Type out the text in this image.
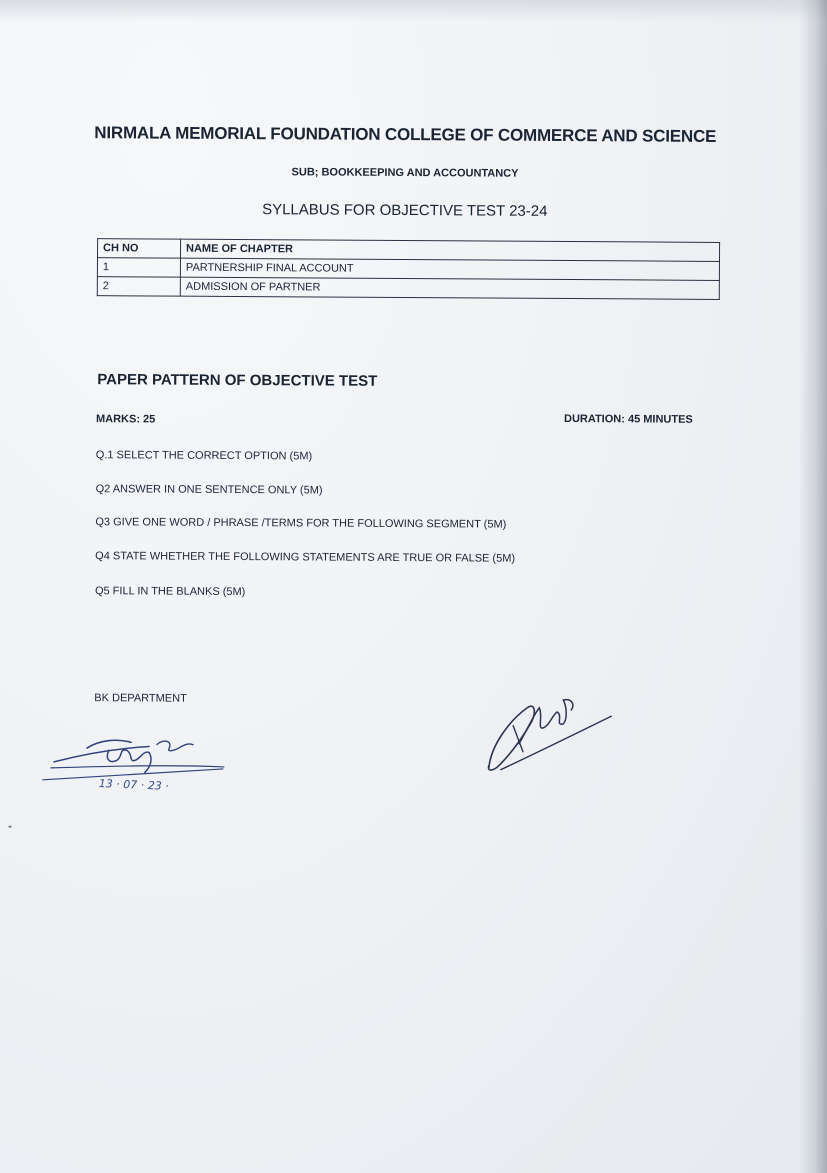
NIRMALA MEMORIAL FOUNDATION COLLEGE OF COMMERCE AND SCIENCE
SUB; BOOKKEEPING AND ACCOUNTANCY
SYLLABUS FOR OBJECTIVE TEST 23-24
CH NO	NAME OF CHAPTER
1	PARTNERSHIP FINAL ACCOUNT
2	ADMISSION OF PARTNER
PAPER PATTERN OF OBJECTIVE TEST
MARKS: 25	DURATION: 45 MINUTES
Q.1 SELECT THE CORRECT OPTION (5M)
Q2 ANSWER IN ONE SENTENCE ONLY (5M)
Q3 GIVE ONE WORD / PHRASE /TERMS FOR THE FOLLOWING SEGMENT (5M)
Q4 STATE WHETHER THE FOLLOWING STATEMENTS ARE TRUE OR FALSE (5M)
Q5 FILL IN THE BLANKS (5M)
BK DEPARTMENT
13 · 07 · 23 ·
